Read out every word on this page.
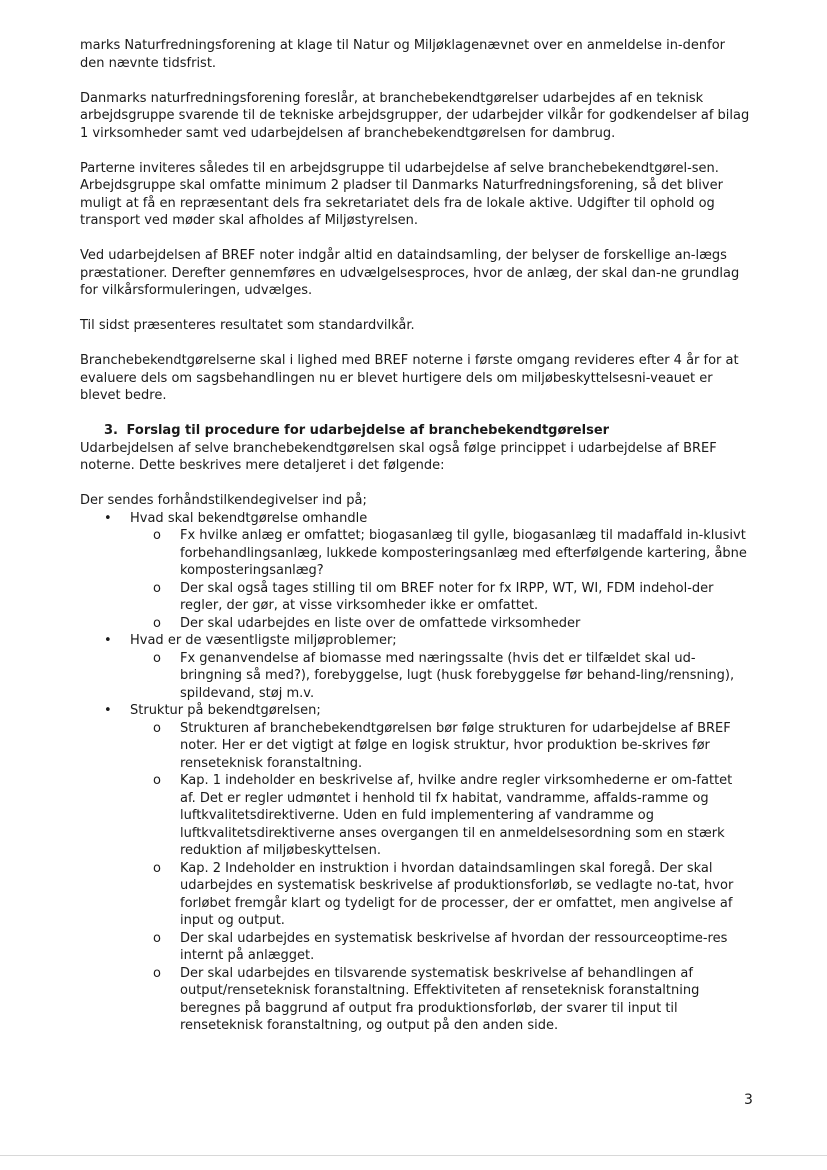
marks Naturfredningsforening at klage til Natur og Miljøklagenævnet over en anmeldelse in-denfor den nævnte tidsfrist.

Danmarks naturfredningsforening foreslår, at branchebekendtgørelser udarbejdes af en teknisk arbejdsgruppe svarende til de tekniske arbejdsgrupper, der udarbejder vilkår for godkendelser af bilag 1 virksomheder samt ved udarbejdelsen af branchebekendtgørelsen for dambrug.

Parterne inviteres således til en arbejdsgruppe til udarbejdelse af selve branchebekendtgørel-sen. Arbejdsgruppe skal omfatte minimum 2 pladser til Danmarks Naturfredningsforening, så det bliver muligt at få en repræsentant dels fra sekretariatet dels fra de lokale aktive. Udgifter til ophold og transport ved møder skal afholdes af Miljøstyrelsen.

Ved udarbejdelsen af BREF noter indgår altid en dataindsamling, der belyser de forskellige an-lægs præstationer. Derefter gennemføres en udvælgelsesproces, hvor de anlæg, der skal dan-ne grundlag for vilkårsformuleringen, udvælges.

Til sidst præsenteres resultatet som standardvilkår.

Branchebekendtgørelserne skal i lighed med BREF noterne i første omgang revideres efter 4 år for at evaluere dels om sagsbehandlingen nu er blevet hurtigere dels om miljøbeskyttelsesni-veauet er blevet bedre.

3. Forslag til procedure for udarbejdelse af branchebekendtgørelser

Udarbejdelsen af selve branchebekendtgørelsen skal også følge princippet i udarbejdelse af BREF noterne. Dette beskrives mere detaljeret i det følgende:

Der sendes forhåndstilkendegivelser ind på;

• Hvad skal bekendtgørelse omhandle
o Fx hvilke anlæg er omfattet; biogasanlæg til gylle, biogasanlæg til madaffald in-klusivt forbehandlingsanlæg, lukkede komposteringsanlæg med efterfølgende kartering, åbne komposteringsanlæg?
o Der skal også tages stilling til om BREF noter for fx IRPP, WT, WI, FDM indehol-der regler, der gør, at visse virksomheder ikke er omfattet.
o Der skal udarbejdes en liste over de omfattede virksomheder
• Hvad er de væsentligste miljøproblemer;
o Fx genanvendelse af biomasse med næringssalte (hvis det er tilfældet skal ud-bringning så med?), forebyggelse, lugt (husk forebyggelse før behand-ling/rensning), spildevand, støj m.v.
• Struktur på bekendtgørelsen;
o Strukturen af branchebekendtgørelsen bør følge strukturen for udarbejdelse af BREF noter. Her er det vigtigt at følge en logisk struktur, hvor produktion be-skrives før renseteknisk foranstaltning.
o Kap. 1 indeholder en beskrivelse af, hvilke andre regler virksomhederne er om-fattet af. Det er regler udmøntet i henhold til fx habitat, vandramme, affalds-ramme og luftkvalitetsdirektiverne. Uden en fuld implementering af vandramme og luftkvalitetsdirektiverne anses overgangen til en anmeldelsesordning som en stærk reduktion af miljøbeskyttelsen.
o Kap. 2 Indeholder en instruktion i hvordan dataindsamlingen skal foregå. Der skal udarbejdes en systematisk beskrivelse af produktionsforløb, se vedlagte no-tat, hvor forløbet fremgår klart og tydeligt for de processer, der er omfattet, men angivelse af input og output.
o Der skal udarbejdes en systematisk beskrivelse af hvordan der ressourceoptime-res internt på anlægget.
o Der skal udarbejdes en tilsvarende systematisk beskrivelse af behandlingen af output/renseteknisk foranstaltning. Effektiviteten af renseteknisk foranstaltning beregnes på baggrund af output fra produktionsforløb, der svarer til input til renseteknisk foranstaltning, og output på den anden side.
3
